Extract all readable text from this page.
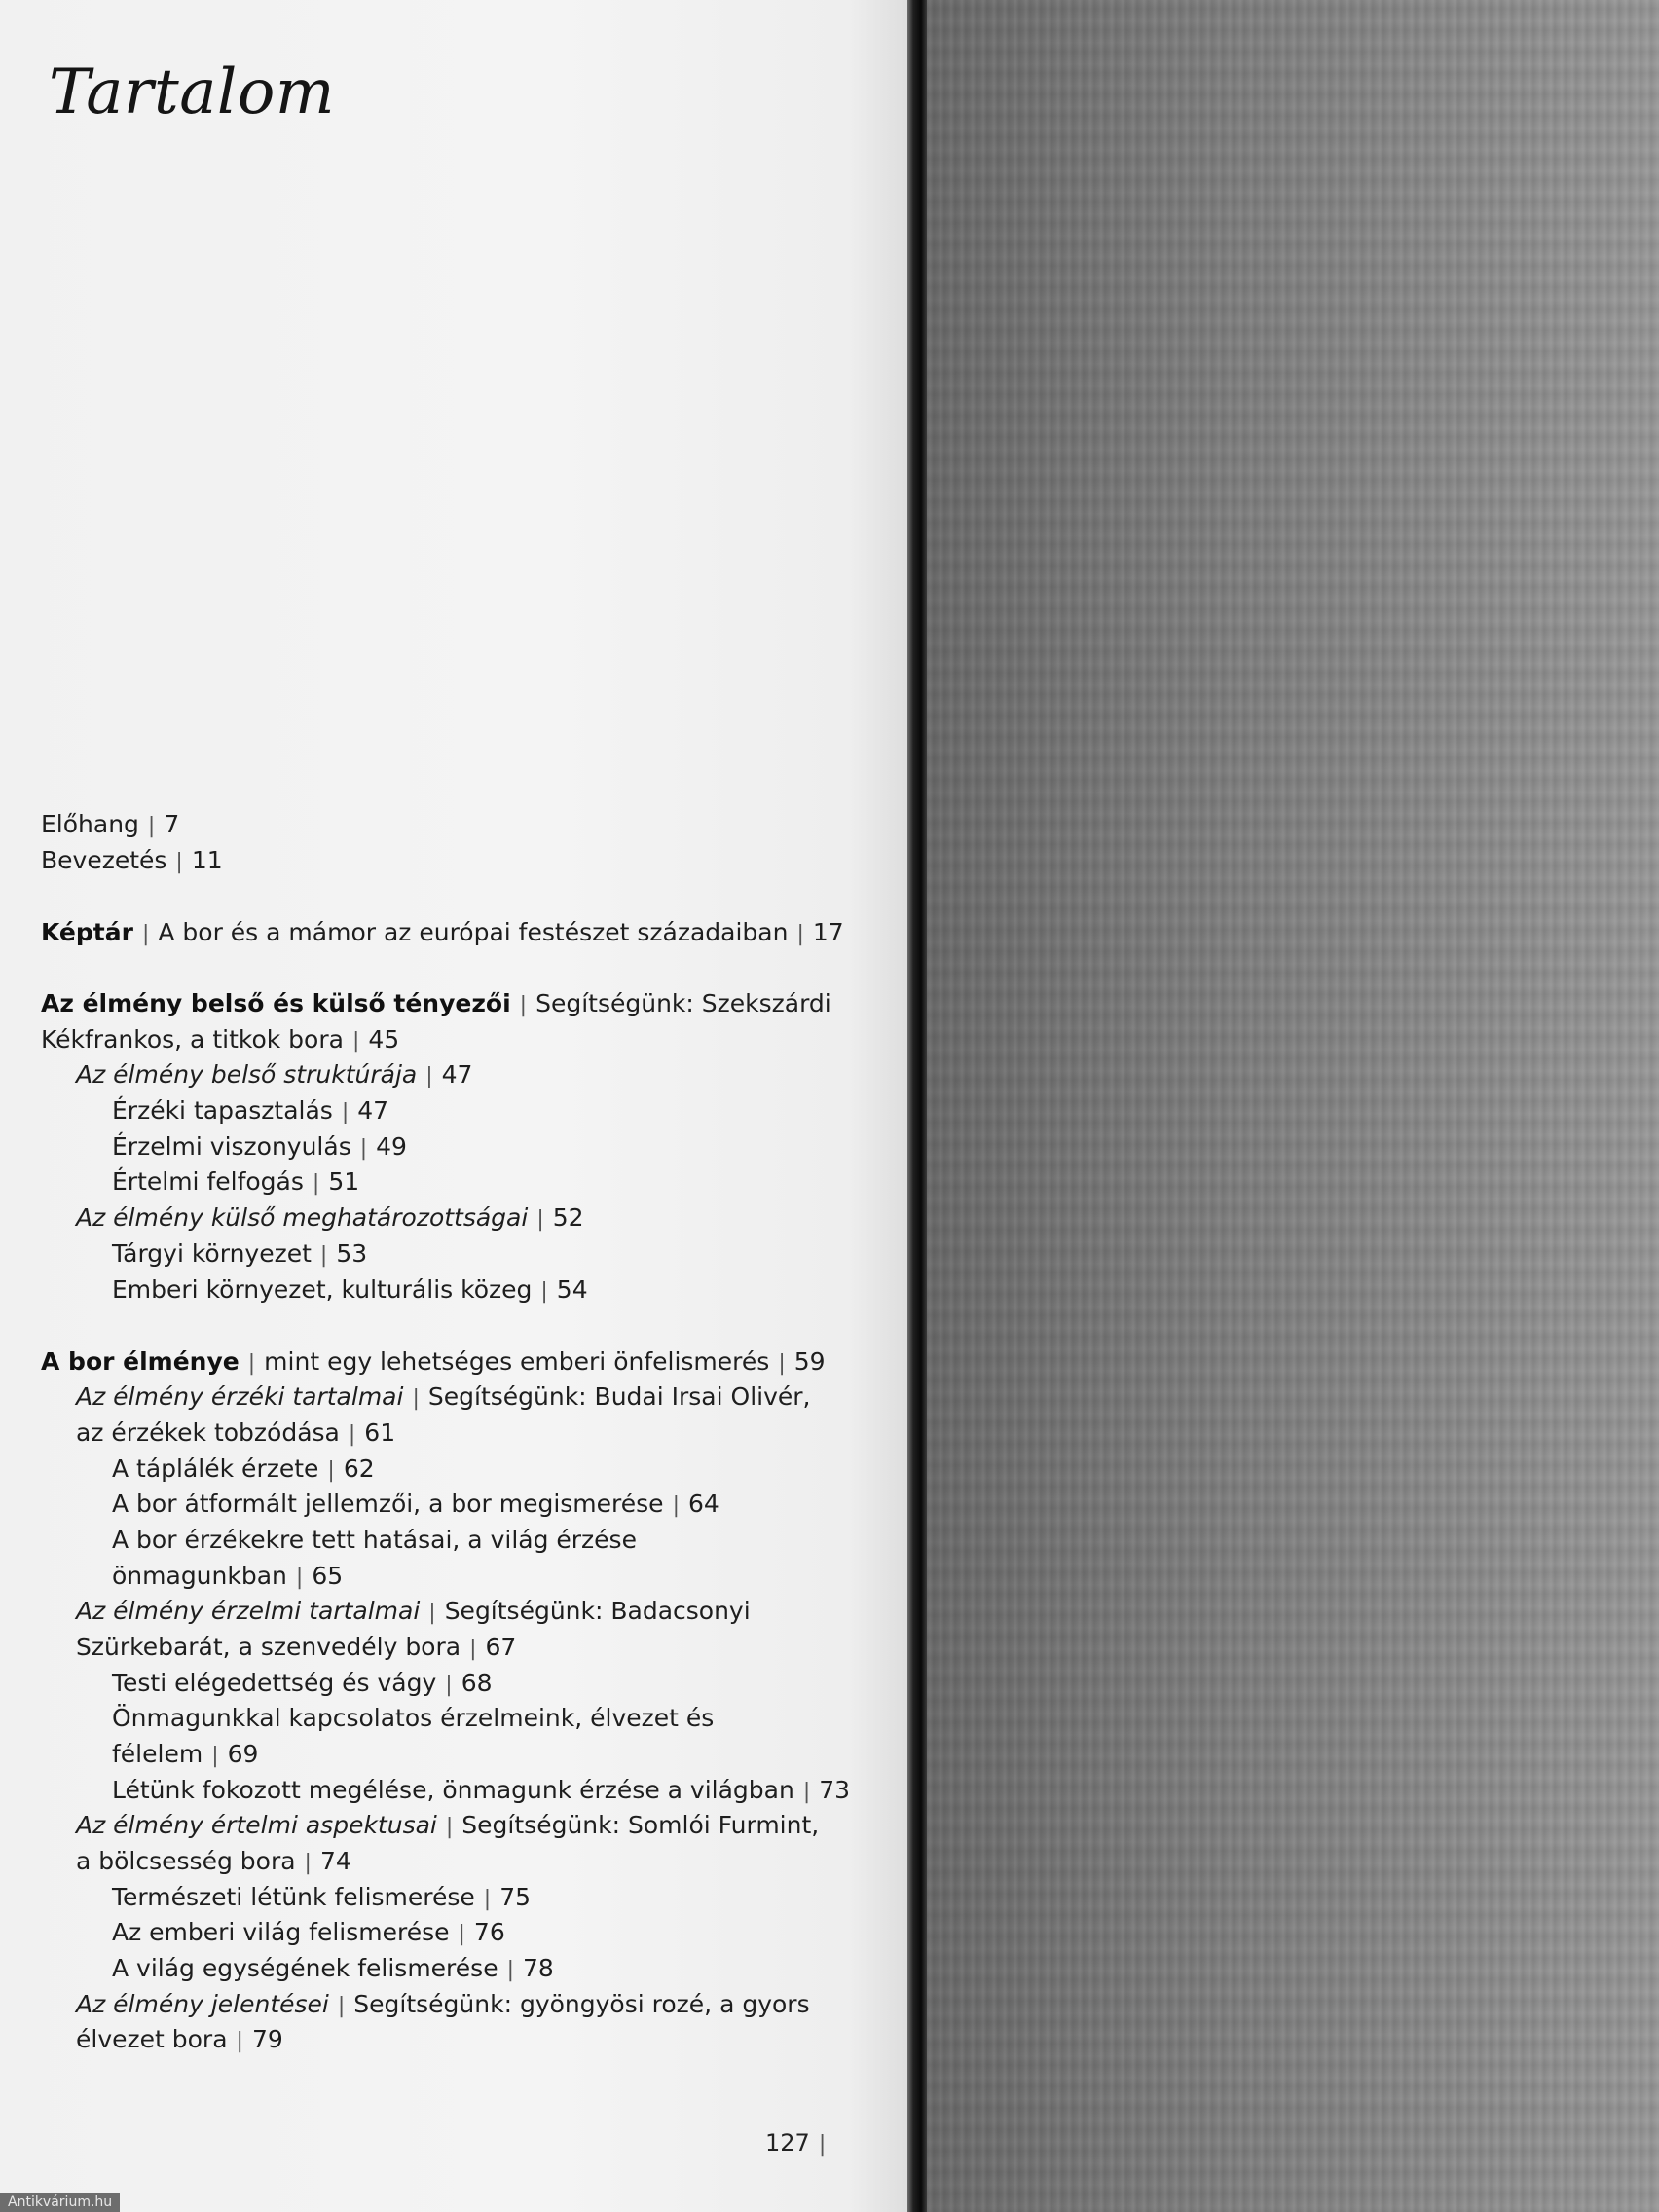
Tartalom
Előhang | 7
Bevezetés | 11
Képtár | A bor és a mámor az európai festészet századaiban | 17
Az élmény belső és külső tényezői | Segítségünk: Szekszárdi
Kékfrankos, a titkok bora | 45
Az élmény belső struktúrája | 47
Érzéki tapasztalás | 47
Érzelmi viszonyulás | 49
Értelmi felfogás | 51
Az élmény külső meghatározottságai | 52
Tárgyi környezet | 53
Emberi környezet, kulturális közeg | 54
A bor élménye | mint egy lehetséges emberi önfelismerés | 59
Az élmény érzéki tartalmai | Segítségünk: Budai Irsai Olivér,
az érzékek tobzódása | 61
A táplálék érzete | 62
A bor átformált jellemzői, a bor megismerése | 64
A bor érzékekre tett hatásai, a világ érzése
önmagunkban | 65
Az élmény érzelmi tartalmai | Segítségünk: Badacsonyi
Szürkebarát, a szenvedély bora | 67
Testi elégedettség és vágy | 68
Önmagunkkal kapcsolatos érzelmeink, élvezet és
félelem | 69
Létünk fokozott megélése, önmagunk érzése a világban | 73
Az élmény értelmi aspektusai | Segítségünk: Somlói Furmint,
a bölcsesség bora | 74
Természeti létünk felismerése | 75
Az emberi világ felismerése | 76
A világ egységének felismerése | 78
Az élmény jelentései | Segítségünk: gyöngyösi rozé, a gyors
élvezet bora | 79
127 |
Antikvárium.hu
